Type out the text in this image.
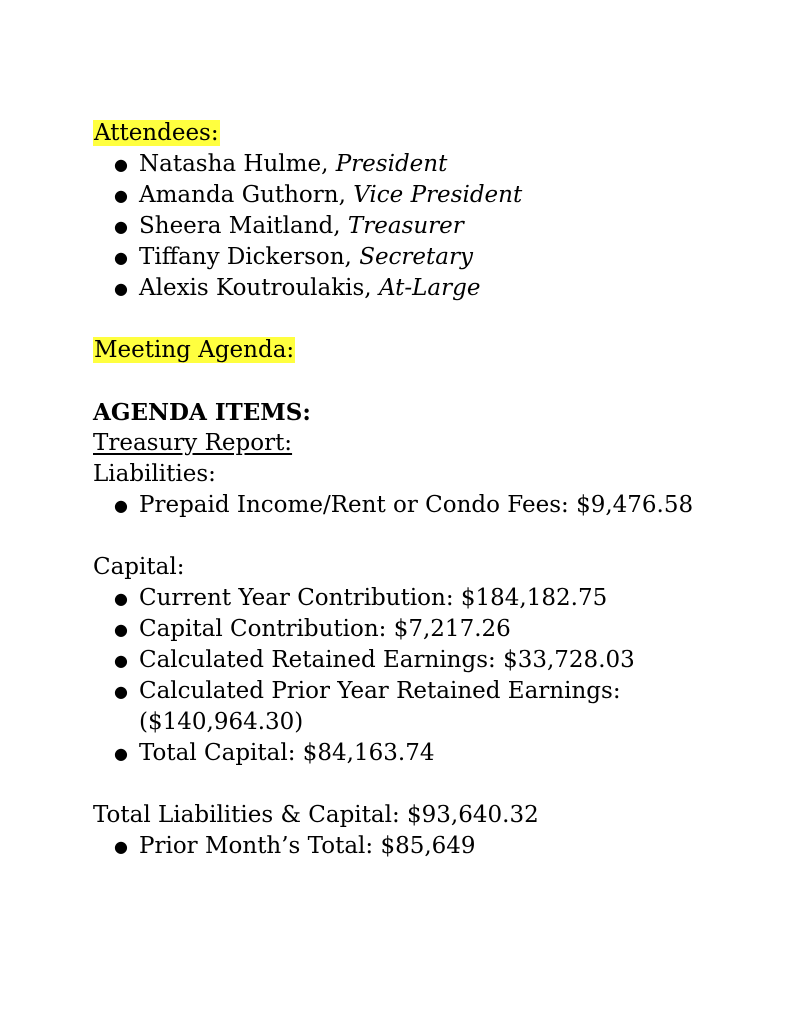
Attendees:
● Natasha Hulme, President
● Amanda Guthorn, Vice President
● Sheera Maitland, Treasurer
● Tiffany Dickerson, Secretary
● Alexis Koutroulakis, At-Large
Meeting Agenda:
AGENDA ITEMS:
Treasury Report:
Liabilities:
● Prepaid Income/Rent or Condo Fees: $9,476.58
Capital:
● Current Year Contribution: $184,182.75
● Capital Contribution: $7,217.26
● Calculated Retained Earnings: $33,728.03
● Calculated Prior Year Retained Earnings:
($140,964.30)
● Total Capital: $84,163.74
Total Liabilities & Capital: $93,640.32
● Prior Month’s Total: $85,649
